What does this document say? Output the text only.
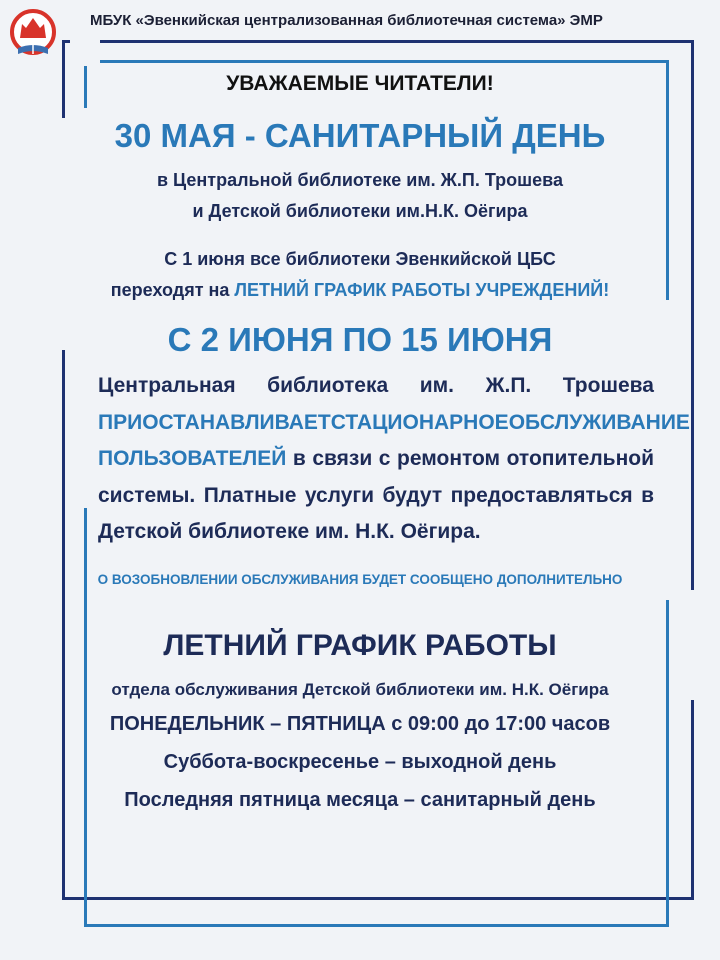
МБУК «Эвенкийская централизованная библиотечная система» ЭМР
УВАЖАЕМЫЕ ЧИТАТЕЛИ!
30 МАЯ - САНИТАРНЫЙ ДЕНЬ
в Центральной библиотеке им. Ж.П. Трошева
и Детской библиотеки им.Н.К. Оёгира
С 1 июня все библиотеки Эвенкийской ЦБС
переходят на ЛЕТНИЙ ГРАФИК РАБОТЫ УЧРЕЖДЕНИЙ!
С 2 ИЮНЯ ПО 15 ИЮНЯ
Центральная библиотека им. Ж.П. Трошева
ПРИОСТАНАВЛИВАЕТ СТАЦИОНАРНОЕ ОБСЛУЖИВАНИЕ
ПОЛЬЗОВАТЕЛЕЙ в связи с ремонтом отопительной
системы. Платные услуги будут предоставляться в
Детской библиотеке им. Н.К. Оёгира.
О ВОЗОБНОВЛЕНИИ ОБСЛУЖИВАНИЯ БУДЕТ СООБЩЕНО ДОПОЛНИТЕЛЬНО
ЛЕТНИЙ ГРАФИК РАБОТЫ
отдела обслуживания Детской библиотеки им. Н.К. Оёгира
ПОНЕДЕЛЬНИК – ПЯТНИЦА с 09:00 до 17:00 часов
Суббота-воскресенье – выходной день
Последняя пятница месяца – санитарный день
